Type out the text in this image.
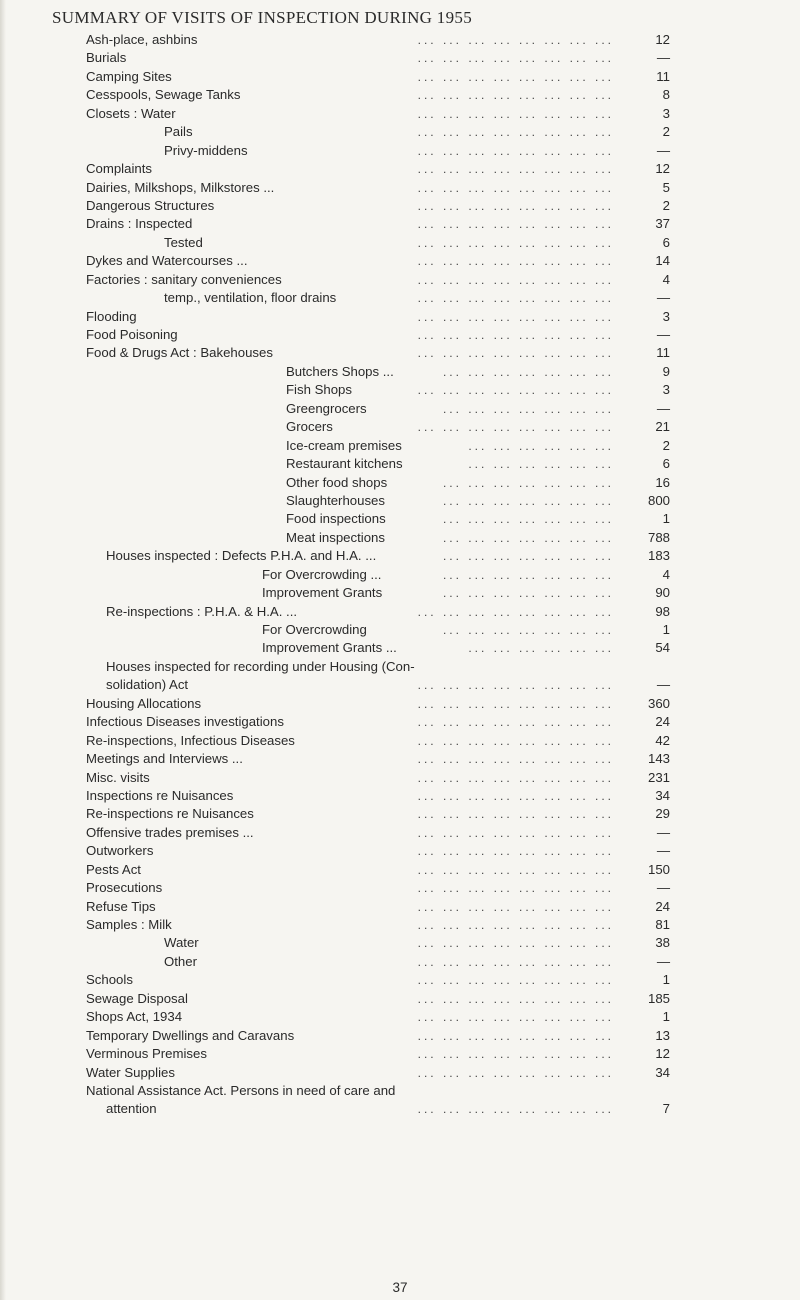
SUMMARY OF VISITS OF INSPECTION DURING 1955
Ash-place, ashbins	... ... ... ... ... ... ... ...	12
Burials	... ... ... ... ... ... ... ...	—
Camping Sites	... ... ... ... ... ... ... ...	11
Cesspools, Sewage Tanks	... ... ... ... ... ... ... ...	8
Closets : Water	... ... ... ... ... ... ... ...	3
Pails	... ... ... ... ... ... ... ...	2
Privy-middens	... ... ... ... ... ... ... ...	—
Complaints	... ... ... ... ... ... ... ...	12
Dairies, Milkshops, Milkstores ...	... ... ... ... ... ... ... ...	5
Dangerous Structures	... ... ... ... ... ... ... ...	2
Drains : Inspected	... ... ... ... ... ... ... ...	37
Tested	... ... ... ... ... ... ... ...	6
Dykes and Watercourses ...	... ... ... ... ... ... ... ...	14
Factories : sanitary conveniences	... ... ... ... ... ... ... ...	4
temp., ventilation, floor drains	... ... ... ... ... ... ... ...	—
Flooding	... ... ... ... ... ... ... ...	3
Food Poisoning	... ... ... ... ... ... ... ...	—
Food & Drugs Act : Bakehouses	... ... ... ... ... ... ... ...	11
Butchers Shops ...	... ... ... ... ... ... ...	9
Fish Shops	... ... ... ... ... ... ... ...	3
Greengrocers	... ... ... ... ... ... ...	—
Grocers	... ... ... ... ... ... ... ...	21
Ice-cream premises	... ... ... ... ... ...	2
Restaurant kitchens	... ... ... ... ... ...	6
Other food shops	... ... ... ... ... ... ...	16
Slaughterhouses	... ... ... ... ... ... ...	800
Food inspections	... ... ... ... ... ... ...	1
Meat inspections	... ... ... ... ... ... ...	788
Houses inspected : Defects P.H.A. and H.A. ...	... ... ... ... ... ... ...	183
For Overcrowding ...	... ... ... ... ... ... ...	4
Improvement Grants	... ... ... ... ... ... ...	90
Re-inspections : P.H.A. & H.A. ...	... ... ... ... ... ... ... ...	98
For Overcrowding	... ... ... ... ... ... ...	1
Improvement Grants ...	... ... ... ... ... ...	54
Houses inspected for recording under Housing (Con-
solidation) Act	... ... ... ... ... ... ... ...	—
Housing Allocations	... ... ... ... ... ... ... ...	360
Infectious Diseases investigations	... ... ... ... ... ... ... ...	24
Re-inspections, Infectious Diseases	... ... ... ... ... ... ... ...	42
Meetings and Interviews ...	... ... ... ... ... ... ... ...	143
Misc. visits	... ... ... ... ... ... ... ...	231
Inspections re Nuisances	... ... ... ... ... ... ... ...	34
Re-inspections re Nuisances	... ... ... ... ... ... ... ...	29
Offensive trades premises ...	... ... ... ... ... ... ... ...	—
Outworkers	... ... ... ... ... ... ... ...	—
Pests Act	... ... ... ... ... ... ... ...	150
Prosecutions	... ... ... ... ... ... ... ...	—
Refuse Tips	... ... ... ... ... ... ... ...	24
Samples : Milk	... ... ... ... ... ... ... ...	81
Water	... ... ... ... ... ... ... ...	38
Other	... ... ... ... ... ... ... ...	—
Schools	... ... ... ... ... ... ... ...	1
Sewage Disposal	... ... ... ... ... ... ... ...	185
Shops Act, 1934	... ... ... ... ... ... ... ...	1
Temporary Dwellings and Caravans	... ... ... ... ... ... ... ...	13
Verminous Premises	... ... ... ... ... ... ... ...	12
Water Supplies	... ... ... ... ... ... ... ...	34
National Assistance Act. Persons in need of care and
attention	... ... ... ... ... ... ... ...	7
37
